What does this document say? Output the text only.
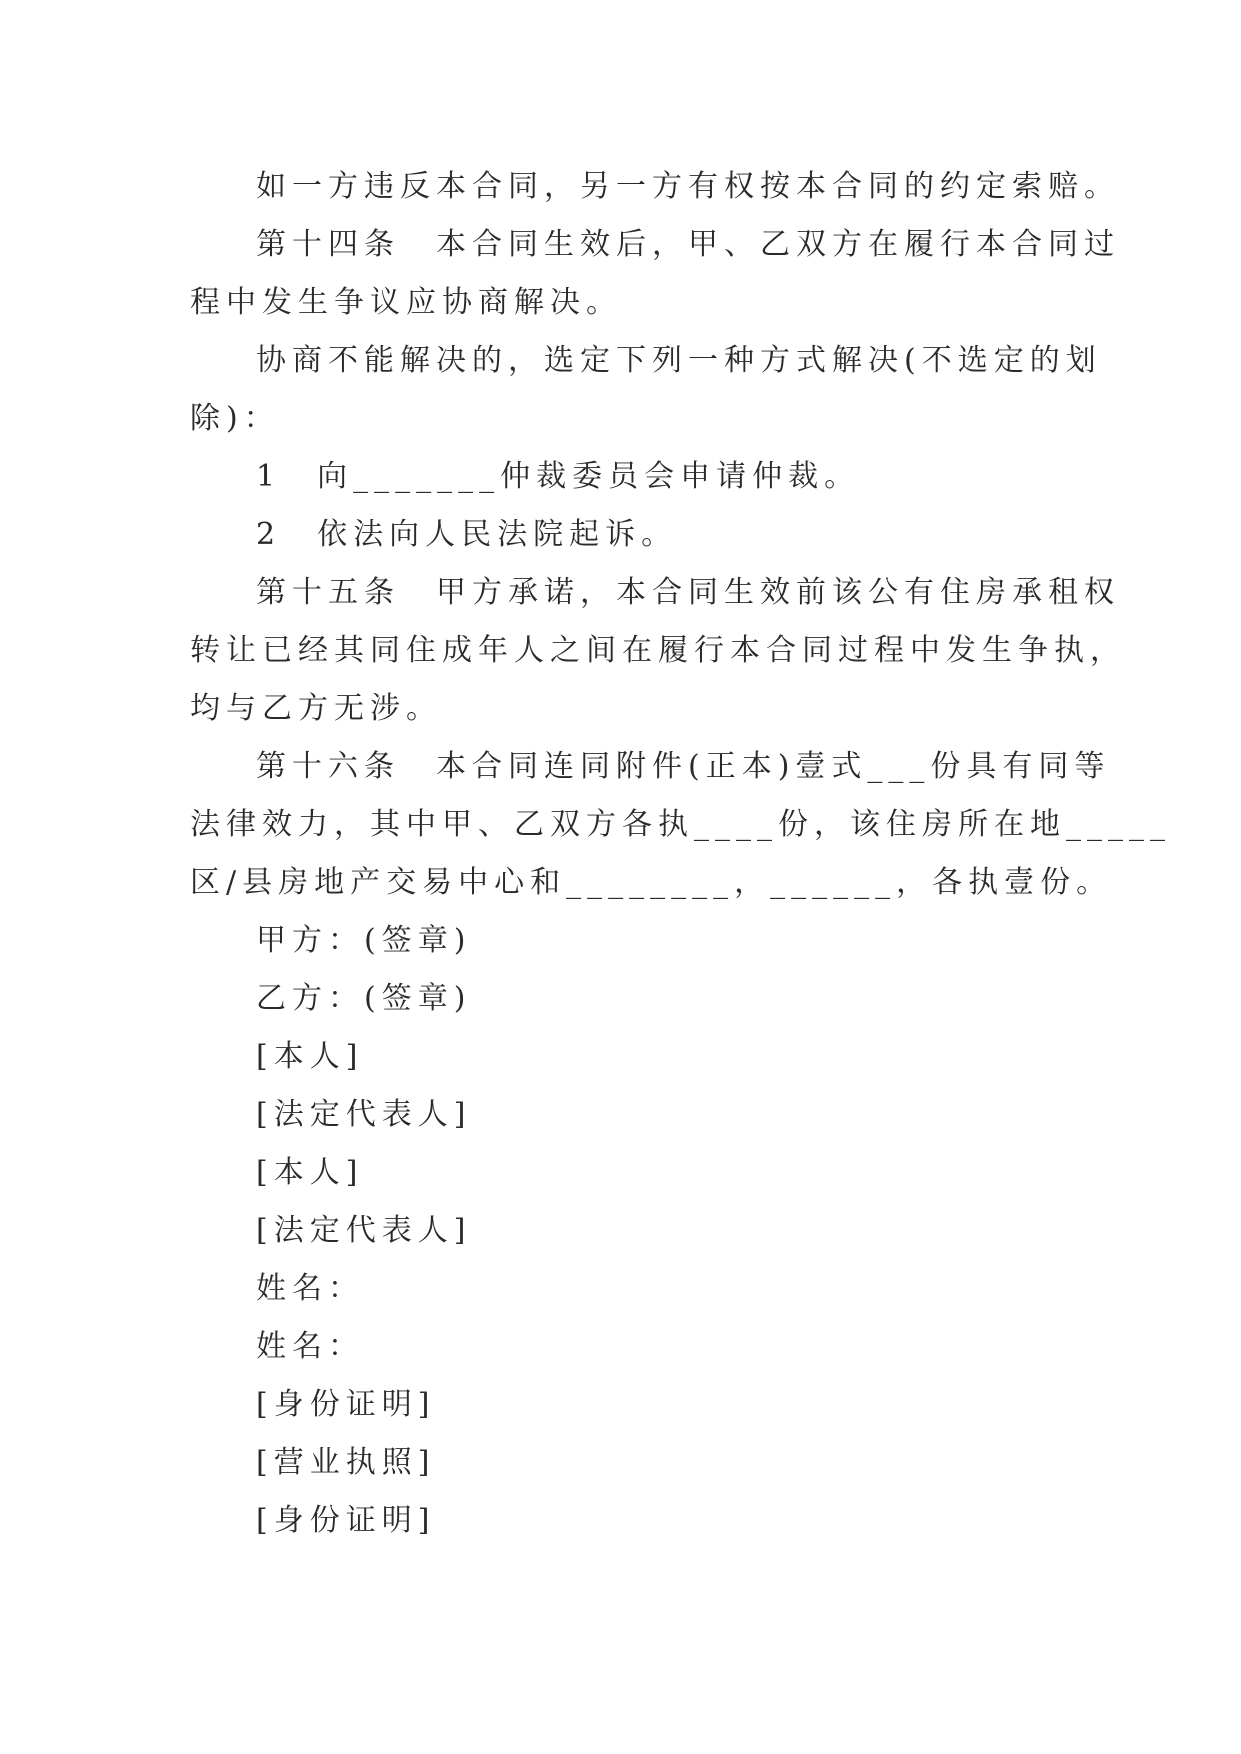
如一方违反本合同，另一方有权按本合同的约定索赔。
第十四条　本合同生效后，甲、乙双方在履行本合同过
程中发生争议应协商解决。
协商不能解决的，选定下列一种方式解决(不选定的划
除)：
1　向_______仲裁委员会申请仲裁。
2　依法向人民法院起诉。
第十五条　甲方承诺，本合同生效前该公有住房承租权
转让已经其同住成年人之间在履行本合同过程中发生争执，
均与乙方无涉。
第十六条　本合同连同附件(正本)壹式___份具有同等
法律效力，其中甲、乙双方各执____份，该住房所在地_____
区/县房地产交易中心和________，______，各执壹份。
甲方：(签章)
乙方：(签章)
[本人]
[法定代表人]
[本人]
[法定代表人]
姓名：
姓名：
[身份证明]
[营业执照]
[身份证明]
